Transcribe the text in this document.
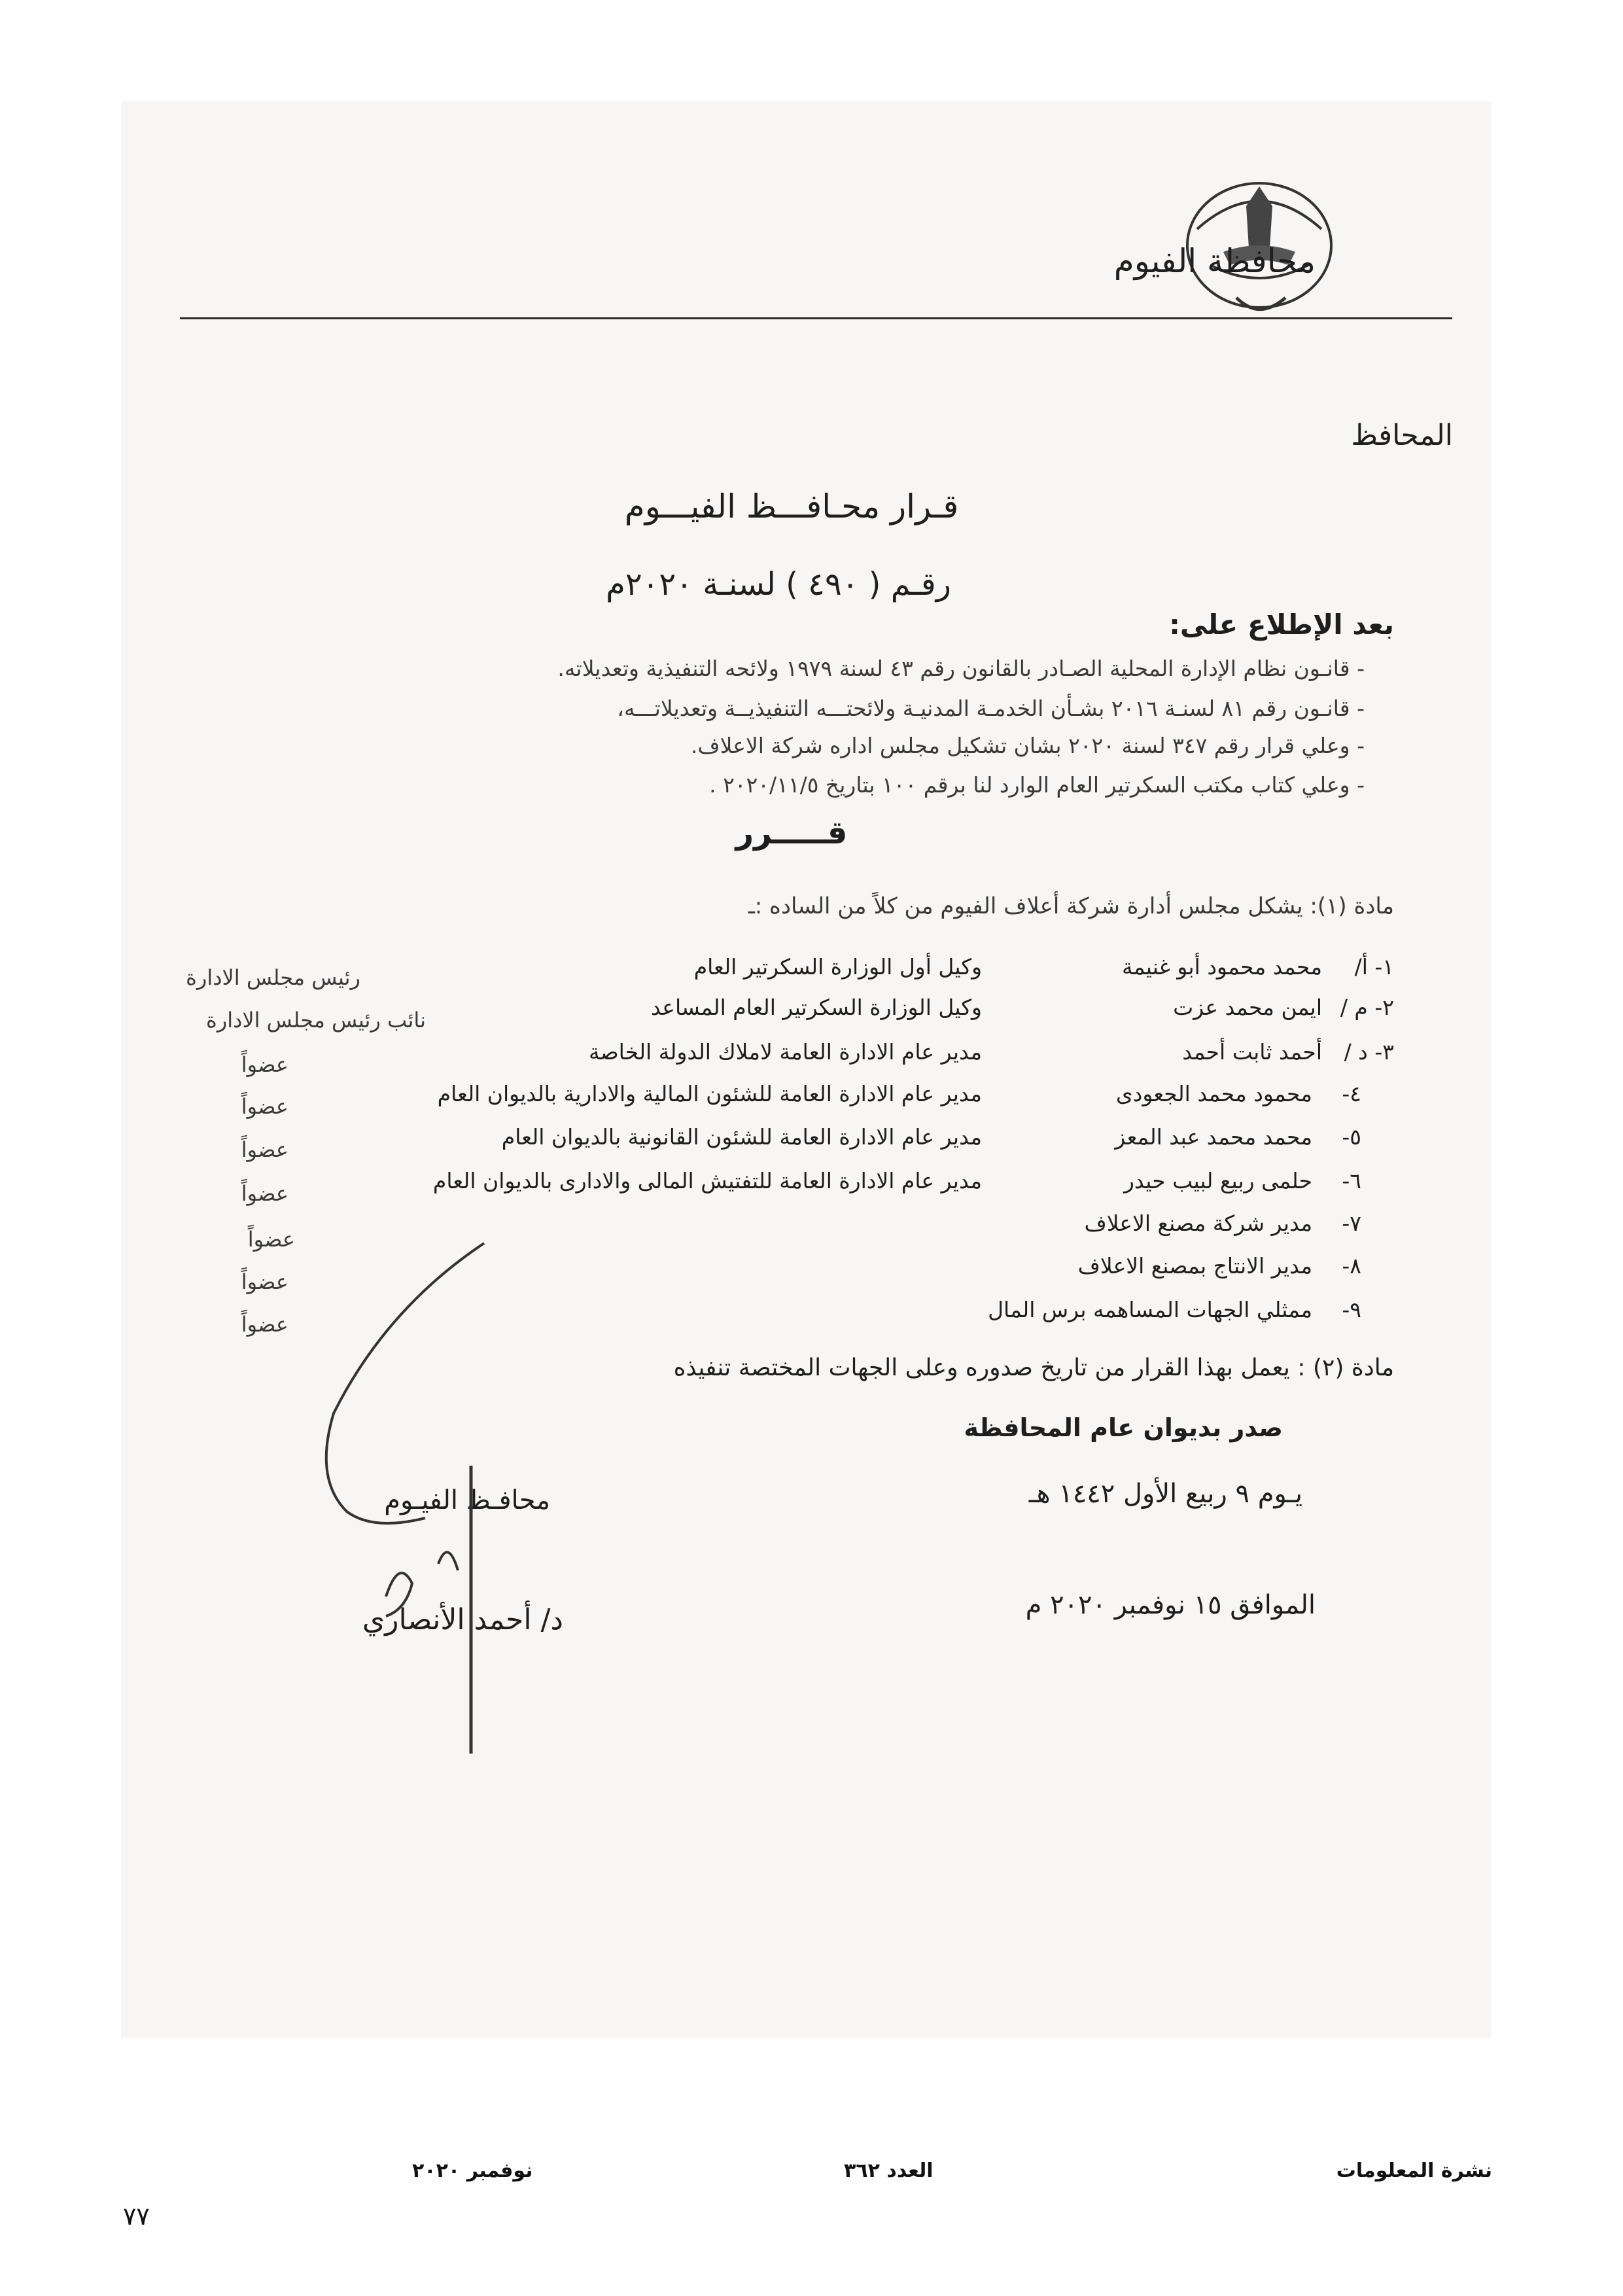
محافظة الفيوم
المحافظ
قـرار محـافـــظ الفيـــوم
رقـم ( ٤٩٠ ) لسنـة ٢٠٢٠م
بعد الإطلاع على:
- قانـون نظام الإدارة المحلية الصـادر بالقانون رقم ٤٣ لسنة ١٩٧٩ ولائحه التنفيذية وتعديلاته.
- قانـون رقم ٨١ لسنـة ٢٠١٦ بشـأن الخدمـة المدنيـة ولائحتـــه التنفيذيــة وتعديلاتـــه،
- وعلي قرار رقم ٣٤٧ لسنة ٢٠٢٠ بشان تشكيل مجلس اداره شركة الاعلاف.
- وعلي كتاب مكتب السكرتير العام الوارد لنا برقم ١٠٠ بتاريخ ٢٠٢٠/١١/٥ .
قـــــرر
مادة (١): يشكل مجلس أدارة شركة أعلاف الفيوم من كلاً من الساده :ـ
١- أ/
محمد محمود أبو غنيمة
وكيل أول الوزارة السكرتير العام
رئيس مجلس الادارة
٢- م /
ايمن محمد عزت
وكيل الوزارة السكرتير العام المساعد
نائب رئيس مجلس الادارة
٣- د /
أحمد ثابت أحمد
مدير عام الادارة العامة لاملاك الدولة الخاصة
عضواً
٤-
محمود محمد الجعودى
مدير عام الادارة العامة للشئون المالية والادارية بالديوان العام
عضواً
٥-
محمد محمد عبد المعز
مدير عام الادارة العامة للشئون القانونية بالديوان العام
عضواً
٦-
حلمى ربيع لبيب حيدر
مدير عام الادارة العامة للتفتيش المالى والادارى بالديوان العام
عضواً
٧-
مدير شركة مصنع الاعلاف
عضواً
٨-
مدير الانتاج بمصنع الاعلاف
عضواً
٩-
ممثلي الجهات المساهمه برس المال
عضواً
مادة (٢) : يعمل بهذا القرار من تاريخ صدوره وعلى الجهات المختصة تنفيذه
صدر بديوان عام المحافظة
يـوم ٩ ربيع الأول ١٤٤٢ هـ
الموافق ١٥ نوفمبر ٢٠٢٠ م
محافـظ الفيـوم
د/ أحمد الأنصاري
نشرة المعلومات
العدد ٣٦٢
نوفمبر ٢٠٢٠
٧٧
